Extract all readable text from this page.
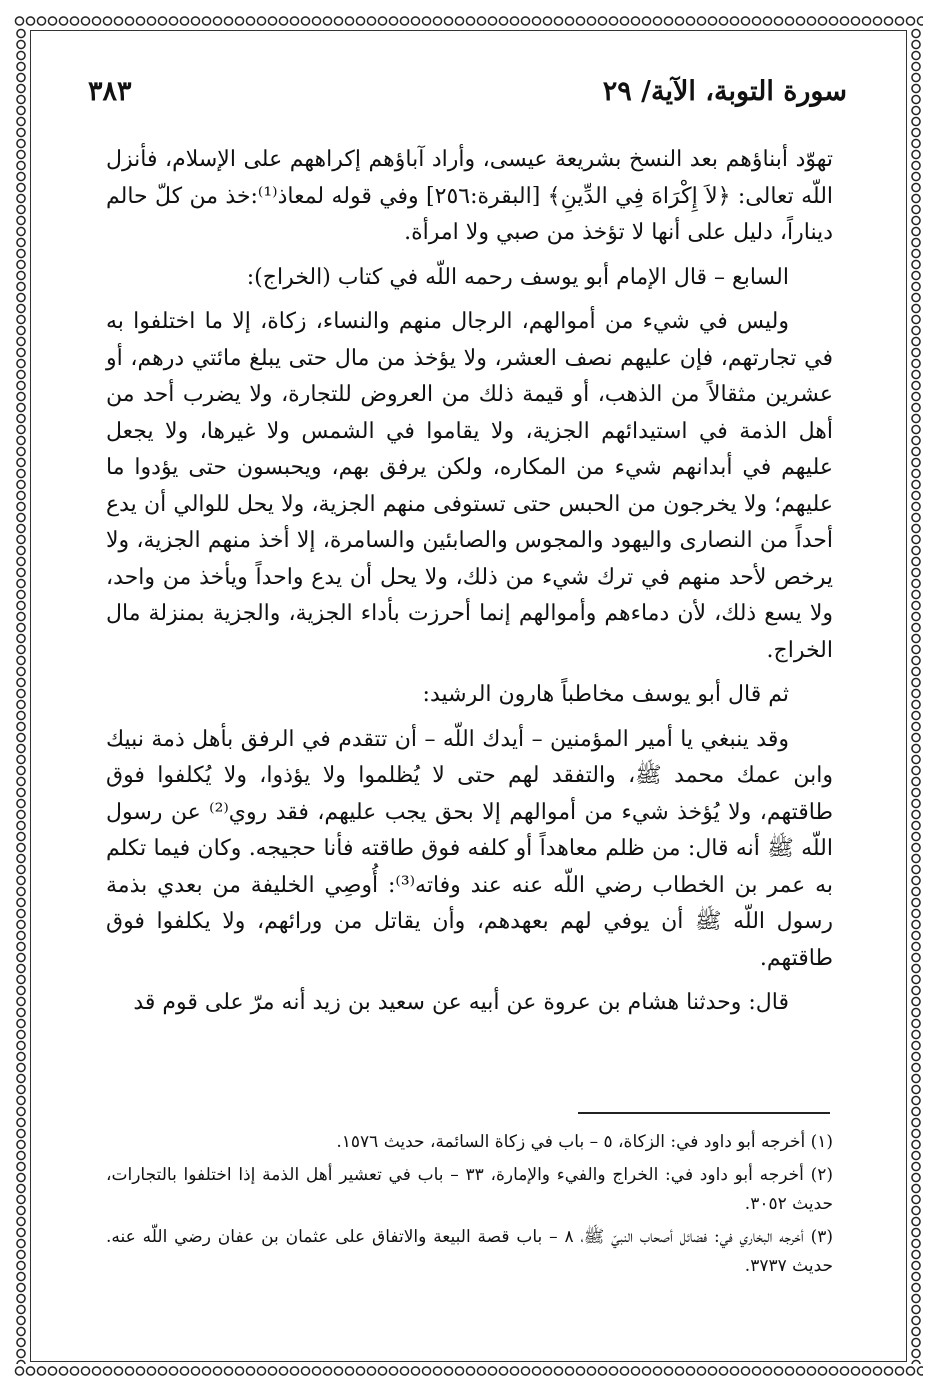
سورة التوبة، الآية/ ٢٩
٣٨٣

تهوّد أبناؤهم بعد النسخ بشريعة عيسى، وأراد آباؤهم إكراههم على الإسلام، فأنزل اللّه تعالى: ﴿لاَ إِكْرَاهَ فِي الدِّينِ﴾ [البقرة:٢٥٦] وفي قوله لمعاذ⁽¹⁾:خذ من كلّ حالم ديناراً، دليل على أنها لا تؤخذ من صبي ولا امرأة.

السابع – قال الإمام أبو يوسف رحمه اللّه في كتاب (الخراج):

وليس في شيء من أموالهم، الرجال منهم والنساء، زكاة، إلا ما اختلفوا به في تجارتهم، فإن عليهم نصف العشر، ولا يؤخذ من مال حتى يبلغ مائتي درهم، أو عشرين مثقالاً من الذهب، أو قيمة ذلك من العروض للتجارة، ولا يضرب أحد من أهل الذمة في استيدائهم الجزية، ولا يقاموا في الشمس ولا غيرها، ولا يجعل عليهم في أبدانهم شيء من المكاره، ولكن يرفق بهم، ويحبسون حتى يؤدوا ما عليهم؛ ولا يخرجون من الحبس حتى تستوفى منهم الجزية، ولا يحل للوالي أن يدع أحداً من النصارى واليهود والمجوس والصابئين والسامرة، إلا أخذ منهم الجزية، ولا يرخص لأحد منهم في ترك شيء من ذلك، ولا يحل أن يدع واحداً ويأخذ من واحد، ولا يسع ذلك، لأن دماءهم وأموالهم إنما أحرزت بأداء الجزية، والجزية بمنزلة مال الخراج.

ثم قال أبو يوسف مخاطباً هارون الرشيد:

وقد ينبغي يا أمير المؤمنين – أيدك اللّه – أن تتقدم في الرفق بأهل ذمة نبيك وابن عمك محمد ﷺ، والتفقد لهم حتى لا يُظلموا ولا يؤذوا، ولا يُكلفوا فوق طاقتهم، ولا يُؤخذ شيء من أموالهم إلا بحق يجب عليهم، فقد روي⁽²⁾ عن رسول اللّه ﷺ أنه قال: من ظلم معاهداً أو كلفه فوق طاقته فأنا حجيجه. وكان فيما تكلم به عمر بن الخطاب رضي اللّه عنه عند وفاته⁽³⁾: أُوصِي الخليفة من بعدي بذمة رسول اللّه ﷺ أن يوفي لهم بعهدهم، وأن يقاتل من ورائهم، ولا يكلفوا فوق طاقتهم.

قال: وحدثنا هشام بن عروة عن أبيه عن سعيد بن زيد أنه مرّ على قوم قد

(١) أخرجه أبو داود في: الزكاة، ٥ – باب في زكاة السائمة، حديث ١٥٧٦.

(٢) أخرجه أبو داود في: الخراج والفيء والإمارة، ٣٣ – باب في تعشير أهل الذمة إذا اختلفوا بالتجارات، حديث ٣٠٥٢.

(٣) أخرجه البخاري في: فضائل أصحاب النبيّ ﷺ، ٨ – باب قصة البيعة والاتفاق على عثمان بن عفان رضي اللّه عنه. حديث ٣٧٣٧.
